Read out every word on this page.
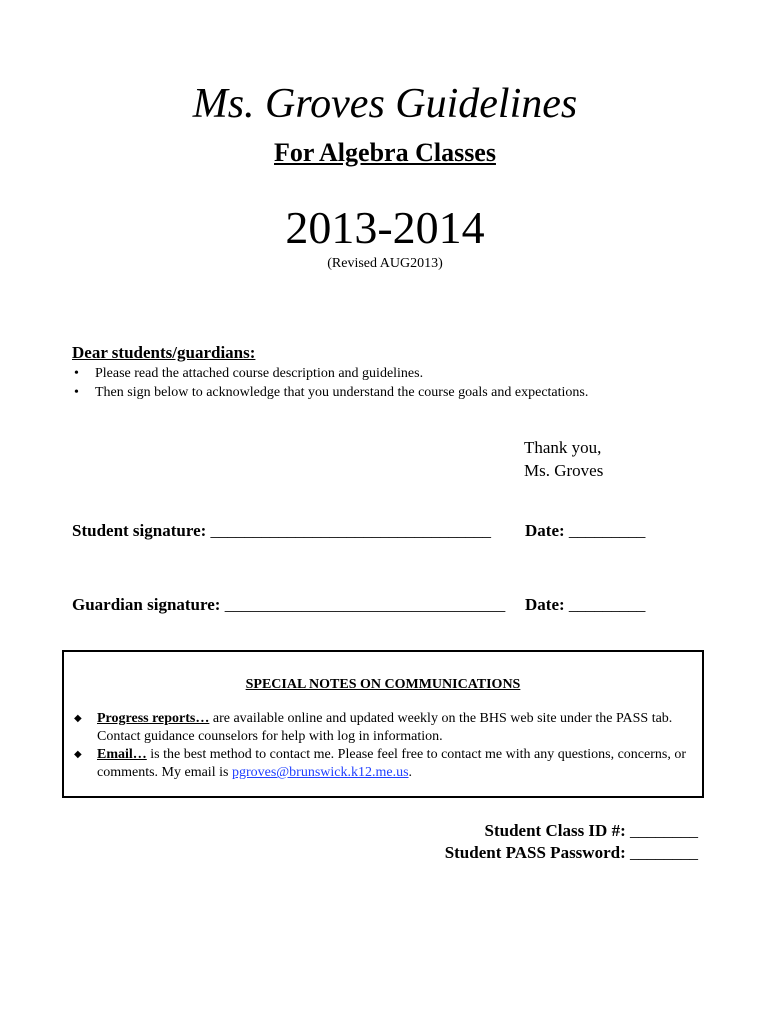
Ms. Groves Guidelines
For Algebra Classes
2013-2014
(Revised AUG2013)
Dear students/guardians:
• Please read the attached course description and guidelines.
• Then sign below to acknowledge that you understand the course goals and expectations.
Thank you,
Ms. Groves
Student signature: _________________________________ Date: _________
Guardian signature: _________________________________ Date: _________
SPECIAL NOTES ON COMMUNICATIONS
◆ Progress reports… are available online and updated weekly on the BHS web site under the PASS tab. Contact guidance counselors for help with log in information.
◆ Email… is the best method to contact me. Please feel free to contact me with any questions, concerns, or comments. My email is pgroves@brunswick.k12.me.us.
Student Class ID #: ________
Student PASS Password: ________
